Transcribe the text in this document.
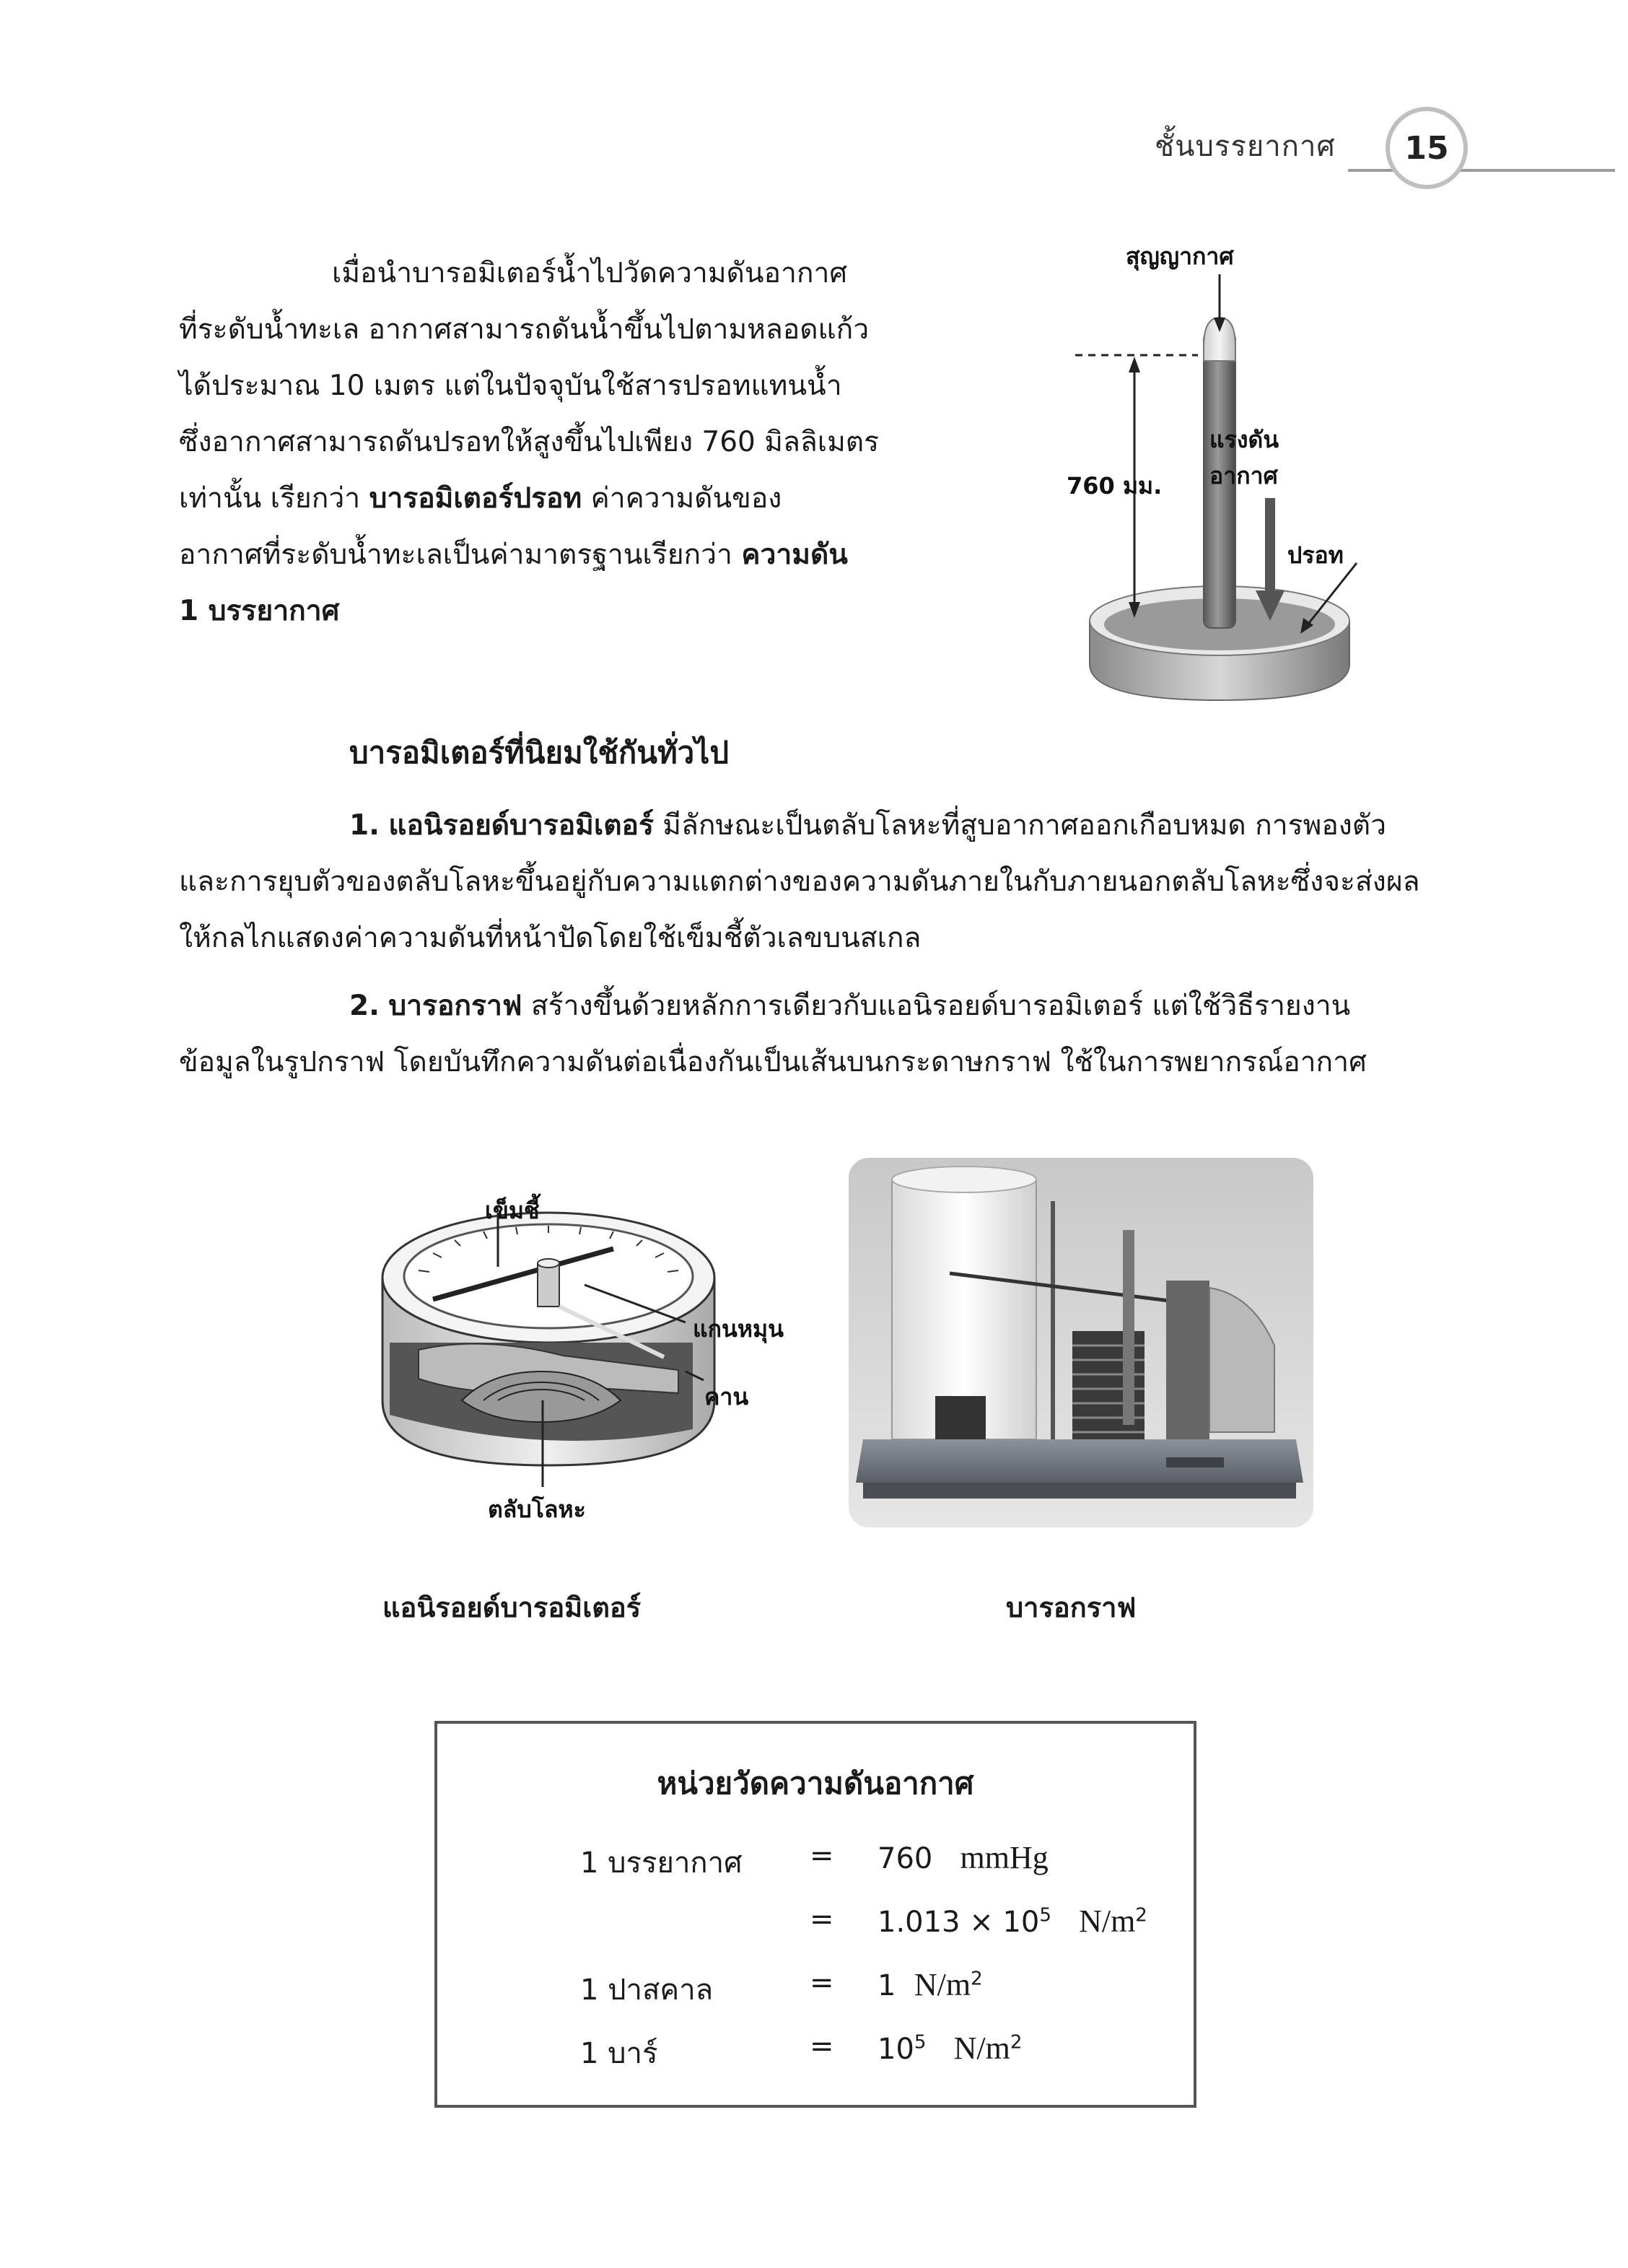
ชั้นบรรยากาศ	15
เมื่อนำบารอมิเตอร์น้ำไปวัดความดันอากาศ
ที่ระดับน้ำทะเล อากาศสามารถดันน้ำขึ้นไปตามหลอดแก้ว
ได้ประมาณ 10 เมตร แต่ในปัจจุบันใช้สารปรอทแทนน้ำ
ซึ่งอากาศสามารถดันปรอทให้สูงขึ้นไปเพียง 760 มิลลิเมตร
เท่านั้น เรียกว่า บารอมิเตอร์ปรอท ค่าความดันของ
อากาศที่ระดับน้ำทะเลเป็นค่ามาตรฐานเรียกว่า ความดัน
1 บรรยากาศ
สุญญากาศ
760 มม.
แรงดัน
อากาศ
ปรอท
บารอมิเตอร์ที่นิยมใช้กันทั่วไป
1. แอนิรอยด์บารอมิเตอร์ มีลักษณะเป็นตลับโลหะที่สูบอากาศออกเกือบหมด การพองตัว
และการยุบตัวของตลับโลหะขึ้นอยู่กับความแตกต่างของความดันภายในกับภายนอกตลับโลหะซึ่งจะส่งผล
ให้กลไกแสดงค่าความดันที่หน้าปัดโดยใช้เข็มชี้ตัวเลขบนสเกล
2. บารอกราฟ สร้างขึ้นด้วยหลักการเดียวกับแอนิรอยด์บารอมิเตอร์ แต่ใช้วิธีรายงาน
ข้อมูลในรูปกราฟ โดยบันทึกความดันต่อเนื่องกันเป็นเส้นบนกระดาษกราฟ ใช้ในการพยากรณ์อากาศ
เข็มชี้
แกนหมุน
คาน
ตลับโลหะ
แอนิรอยด์บารอมิเตอร์	บารอกราฟ
หน่วยวัดความดันอากาศ
1 บรรยากาศ = 760 mmHg
= $1.013 \times 10^5$ $N/m^2$
1 ปาสคาล	= 1 $N/m^2$
1 บาร์	= $10^5$ $N/m^2$
